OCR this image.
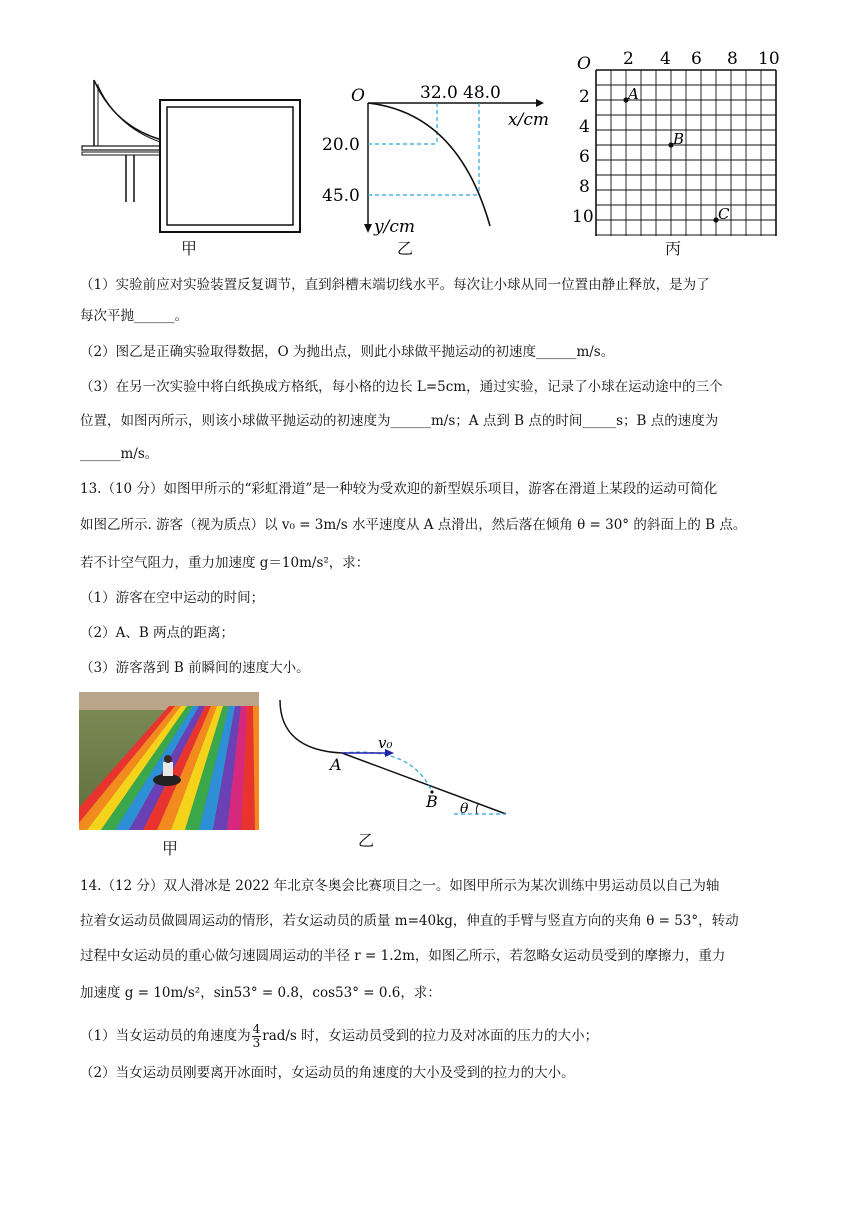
甲
O	32.0 48.0
x/cm
20.0
45.0
y/cm
乙
A
B
C
O 2 4 6 8 10
2
4
6
8
10
丙
（1）实验前应对实验装置反复调节，直到斜槽末端切线水平。每次让小球从同一位置由静止释放，是为了
每次平抛______。
（2）图乙是正确实验取得数据，O 为抛出点，则此小球做平抛运动的初速度______m/s。
（3）在另一次实验中将白纸换成方格纸，每小格的边长 L=5cm，通过实验，记录了小球在运动途中的三个
位置，如图丙所示，则该小球做平抛运动的初速度为______m/s；A 点到 B 点的时间_____s；B 点的速度为
______m/s。
13.（10 分）如图甲所示的“彩虹滑道”是一种较为受欢迎的新型娱乐项目，游客在滑道上某段的运动可简化
如图乙所示. 游客（视为质点）以 v₀ = 3m/s 水平速度从 A 点滑出，然后落在倾角 θ = 30° 的斜面上的 B 点。
若不计空气阻力，重力加速度 g＝10m/s²，求：
（1）游客在空中运动的时间；
（2）A、B 两点的距离；
（3）游客落到 B 前瞬间的速度大小。
甲
v₀
A
B θ
乙
14.（12 分）双人滑冰是 2022 年北京冬奥会比赛项目之一。如图甲所示为某次训练中男运动员以自己为轴
拉着女运动员做圆周运动的情形，若女运动员的质量 m=40kg，伸直的手臂与竖直方向的夹角 θ = 53°，转动
过程中女运动员的重心做匀速圆周运动的半径 r = 1.2m，如图乙所示，若忽略女运动员受到的摩擦力，重力
加速度 g = 10m/s²，sin53° = 0.8，cos53° = 0.6，求：
（1）当女运动员的角速度为 $\frac{4}{3} rad/s$ 时，女运动员受到的拉力及对冰面的压力的大小；
（2）当女运动员刚要离开冰面时，女运动员的角速度的大小及受到的拉力的大小。
